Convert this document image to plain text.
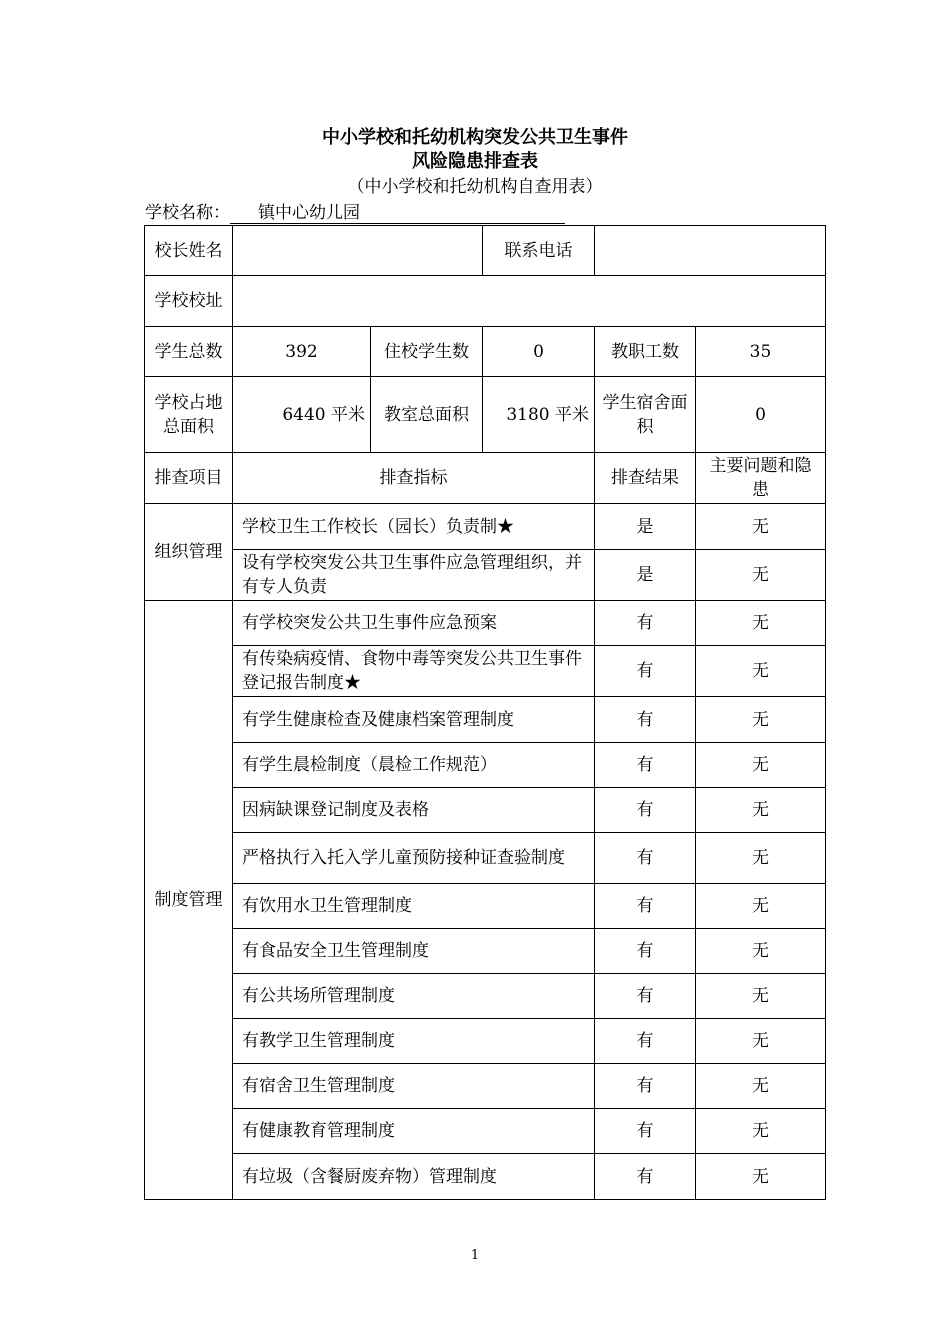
中小学校和托幼机构突发公共卫生事件
风险隐患排查表
（中小学校和托幼机构自查用表）
学校名称： 镇中心幼儿园
校长姓名			联系电话		
学校校址					
学生总数	392	住校学生数	0	教职工数	35
学校占地总面积	6440 平米	教室总面积	3180 平米	学生宿舍面积	0
排查项目	排查指标			排查结果	主要问题和隐患
组织管理	学校卫生工作校长（园长）负责制★			是	无
	设有学校突发公共卫生事件应急管理组织，并有专人负责			是	无
制度管理	有学校突发公共卫生事件应急预案			有	无
	有传染病疫情、食物中毒等突发公共卫生事件登记报告制度★			有	无
	有学生健康检查及健康档案管理制度			有	无
	有学生晨检制度（晨检工作规范）			有	无
	因病缺课登记制度及表格			有	无
	严格执行入托入学儿童预防接种证查验制度			有	无
	有饮用水卫生管理制度			有	无
	有食品安全卫生管理制度			有	无
	有公共场所管理制度			有	无
	有教学卫生管理制度			有	无
	有宿舍卫生管理制度			有	无
	有健康教育管理制度			有	无
	有垃圾（含餐厨废弃物）管理制度			有	无
1
